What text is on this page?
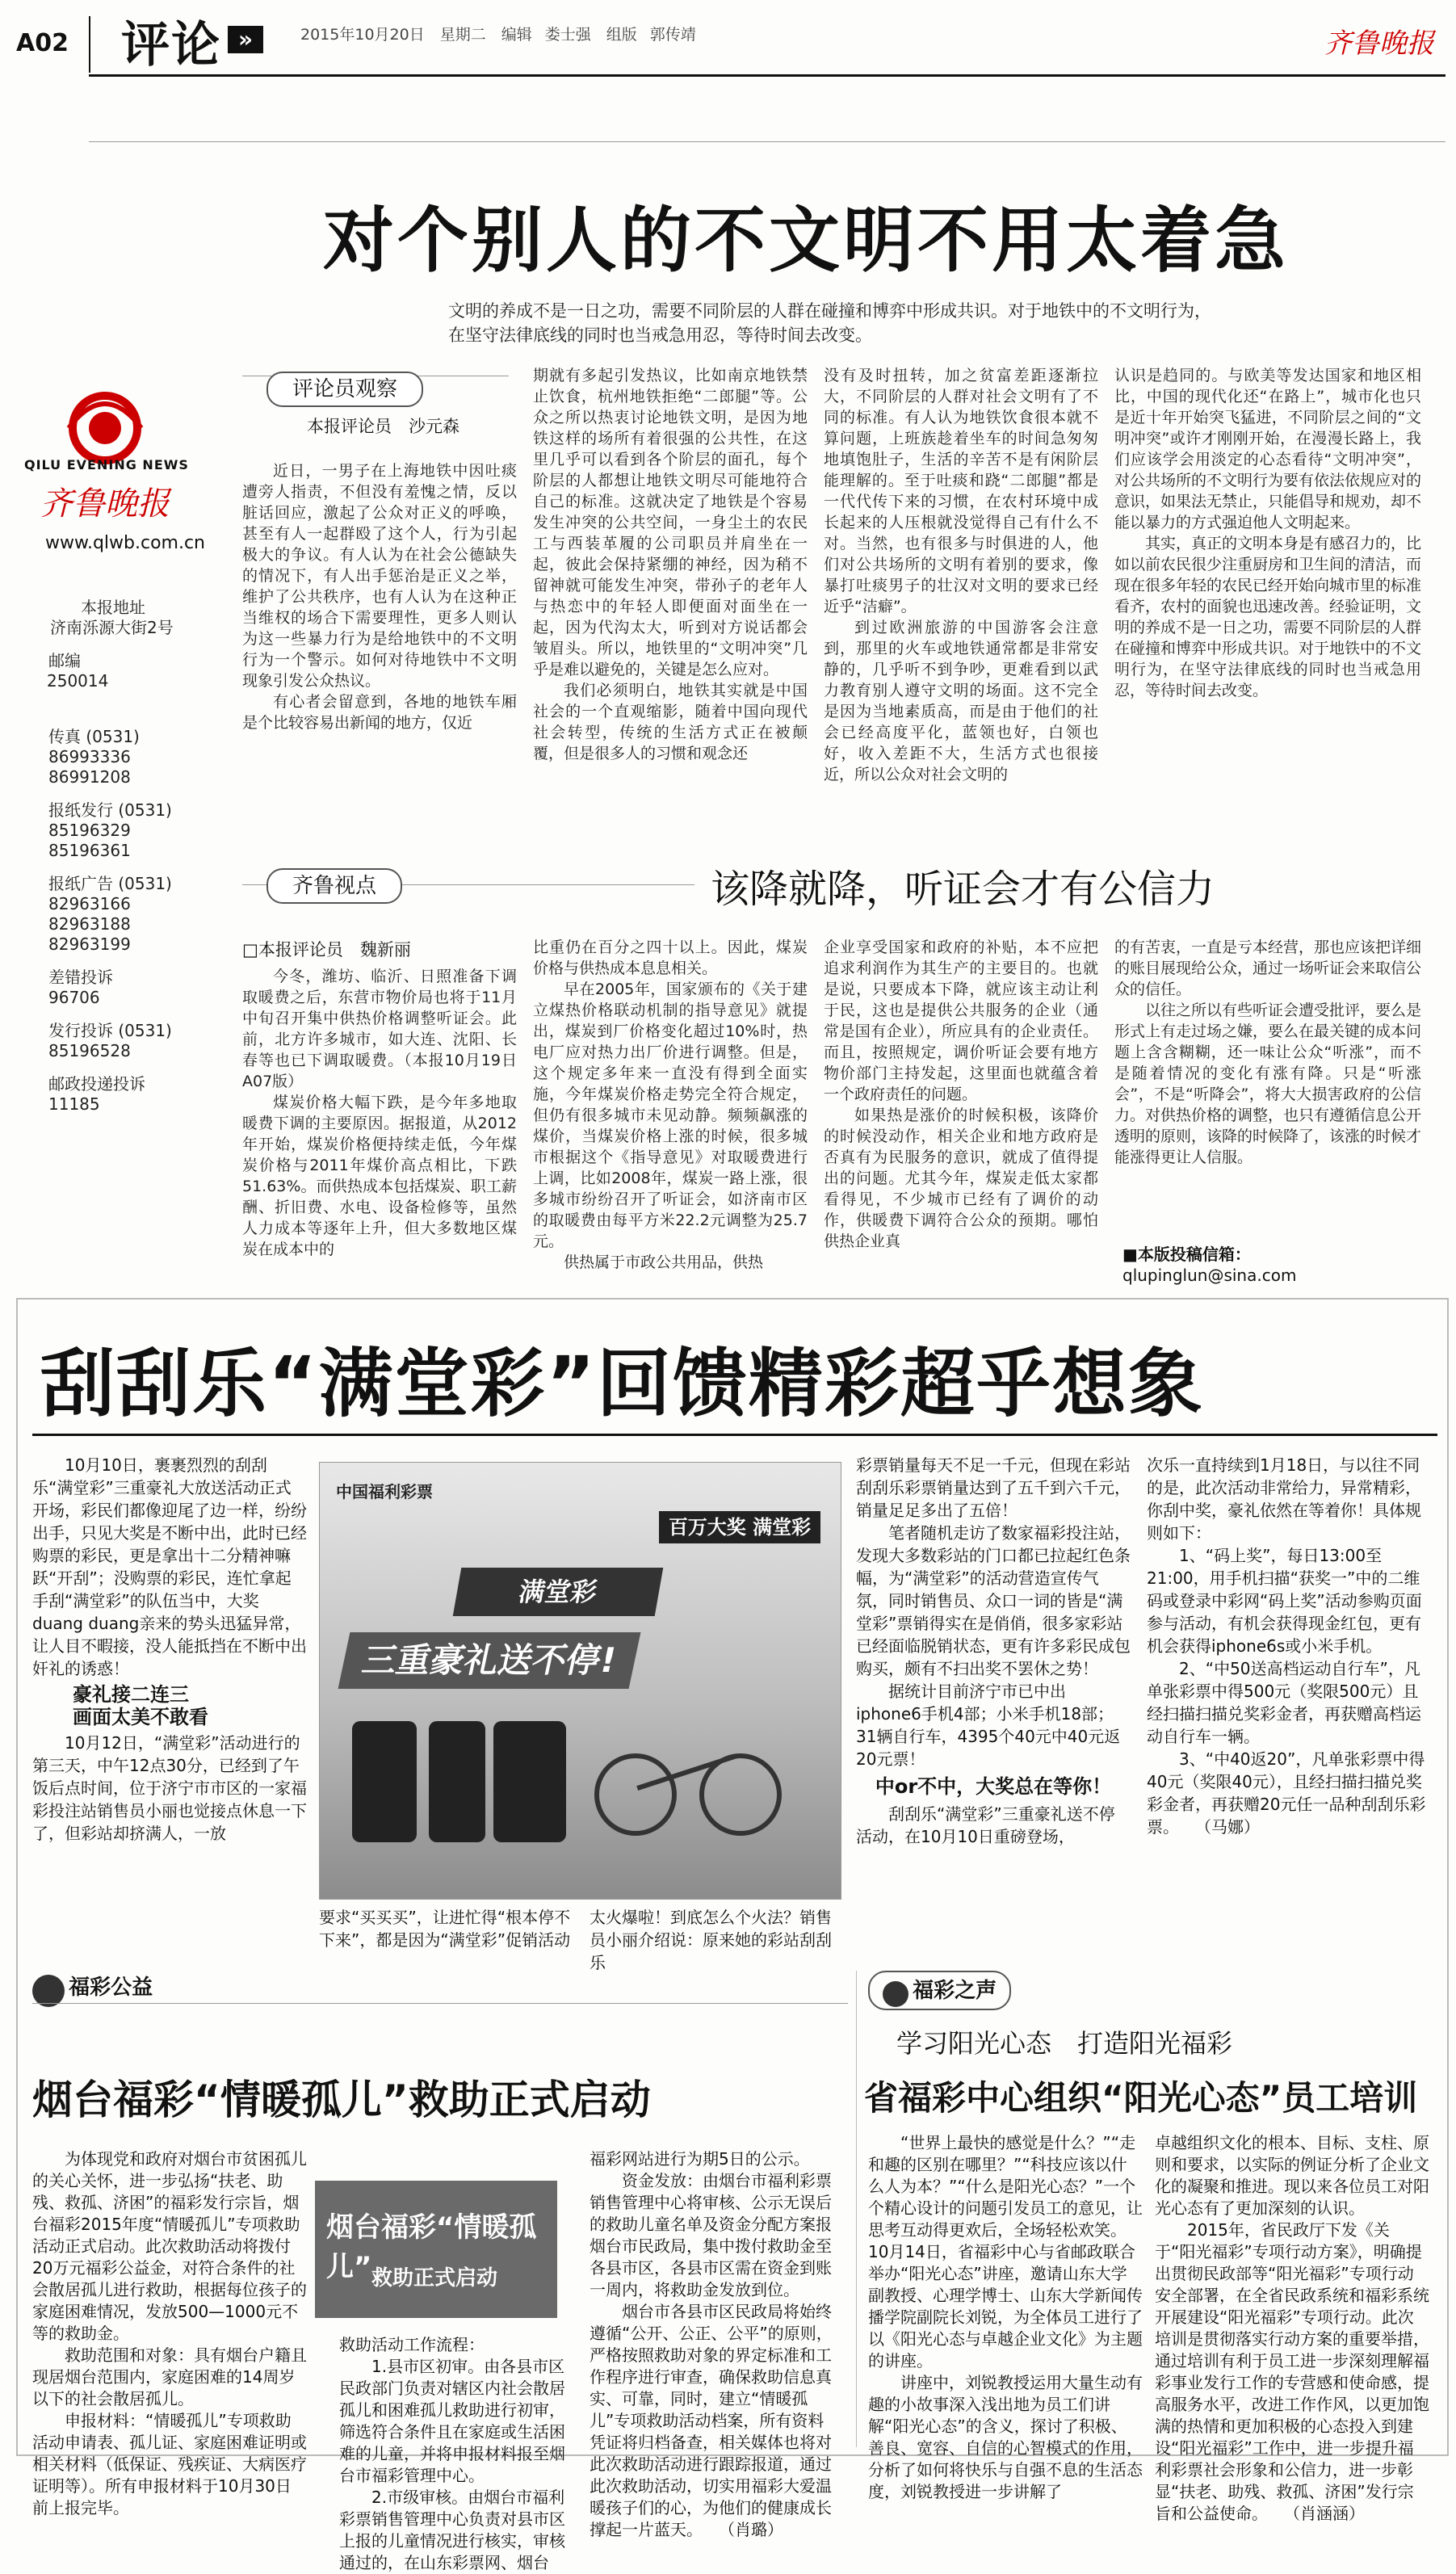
A02 评论 »	2015年10月20日　星期二　编辑 娄士强　组版 郭传靖	齐鲁晚报
对个别人的不文明不用太着急
文明的养成不是一日之功，需要不同阶层的人群在碰撞和博弈中形成共识。对于地铁中的不文明行为，在坚守法律底线的同时也当戒急用忍，等待时间去改变。
QILU EVENING NEWS
齐鲁晚报
www.qlwb.com.cn
本报地址
济南泺源大街2号
邮编
250014
传真 (0531)
86993336 86991208
报纸发行 (0531)
85196329 85196361
报纸广告 (0531)
82963166 82963188
82963199
差错投诉
96706
发行投诉 (0531)
85196528
邮政投递投诉
11185
评论员观察
本报评论员　沙元森
近日，一男子在上海地铁中因吐痰遭旁人指责，不但没有羞愧之情，反以脏话回应，激起了公众对正义的呼唤，甚至有人一起群殴了这个人，行为引起极大的争议。有人认为在社会公德缺失的情况下，有人出手惩治是正义之举，维护了公共秩序，也有人认为在这种正当维权的场合下需要理性，更多人则认为这一些暴力行为是给地铁中的不文明行为一个警示。如何对待地铁中不文明现象引发公众热议。
有心者会留意到，各地的地铁车厢是个比较容易出新闻的地方，仅近
期就有多起引发热议，比如南京地铁禁止饮食，杭州地铁拒绝“二郎腿”等。公众之所以热衷讨论地铁文明，是因为地铁这样的场所有着很强的公共性，在这里几乎可以看到各个阶层的面孔，每个阶层的人都想让地铁文明尽可能地符合自己的标准。这就决定了地铁是个容易发生冲突的公共空间，一身尘土的农民工与西装革履的公司职员并肩坐在一起，彼此会保持紧绷的神经，因为稍不留神就可能发生冲突，带孙子的老年人与热恋中的年轻人即便面对面坐在一起，因为代沟太大，听到对方说话都会皱眉头。所以，地铁里的“文明冲突”几乎是难以避免的，关键是怎么应对。
我们必须明白，地铁其实就是中国社会的一个直观缩影，随着中国向现代社会转型，传统的生活方式正在被颠覆，但是很多人的习惯和观念还
没有及时扭转，加之贫富差距逐渐拉大，不同阶层的人群对社会文明有了不同的标准。有人认为地铁饮食很本就不算问题，上班族趁着坐车的时间急匆匆地填饱肚子，生活的辛苦不是有闲阶层能理解的。至于吐痰和跷“二郎腿”都是一代代传下来的习惯，在农村环境中成长起来的人压根就没觉得自己有什么不对。当然，也有很多与时俱进的人，他们对公共场所的文明有着别的要求，像暴打吐痰男子的壮汉对文明的要求已经近乎“洁癖”。
到过欧洲旅游的中国游客会注意到，那里的火车或地铁通常都是非常安静的，几乎听不到争吵，更难看到以武力教育别人遵守文明的场面。这不完全是因为当地素质高，而是由于他们的社会已经高度平化，蓝领也好，白领也好，收入差距不大，生活方式也很接近，所以公众对社会文明的
认识是趋同的。与欧美等发达国家和地区相比，中国的现代化还“在路上”，城市化也只是近十年开始突飞猛进，不同阶层之间的“文明冲突”或许才刚刚开始，在漫漫长路上，我们应该学会用淡定的心态看待“文明冲突”，对公共场所的不文明行为要有依法依规应对的意识，如果法无禁止，只能倡导和规劝，却不能以暴力的方式强迫他人文明起来。
其实，真正的文明本身是有感召力的，比如以前农民很少注重厨房和卫生间的清洁，而现在很多年轻的农民已经开始向城市里的标准看齐，农村的面貌也迅速改善。经验证明，文明的养成不是一日之功，需要不同阶层的人群在碰撞和博弈中形成共识。对于地铁中的不文明行为，在坚守法律底线的同时也当戒急用忍，等待时间去改变。
齐鲁视点	该降就降，听证会才有公信力
□本报评论员　魏新丽
今冬，潍坊、临沂、日照准备下调取暖费之后，东营市物价局也将于11月中旬召开集中供热价格调整听证会。此前，北方许多城市，如大连、沈阳、长春等也已下调取暖费。（本报10月19日A07版）
煤炭价格大幅下跌，是今年多地取暖费下调的主要原因。据报道，从2012年开始，煤炭价格便持续走低，今年煤炭价格与2011年煤价高点相比，下跌51.63%。而供热成本包括煤炭、职工薪酬、折旧费、水电、设备检修等，虽然人力成本等逐年上升，但大多数地区煤炭在成本中的
比重仍在百分之四十以上。因此，煤炭价格与供热成本息息相关。
早在2005年，国家颁布的《关于建立煤热价格联动机制的指导意见》就提出，煤炭到厂价格变化超过10%时，热电厂应对热力出厂价进行调整。但是，这个规定多年来一直没有得到全面实施，今年煤炭价格走势完全符合规定，但仍有很多城市未见动静。频频飙涨的煤价，当煤炭价格上涨的时候，很多城市根据这个《指导意见》对取暖费进行上调，比如2008年，煤炭一路上涨，很多城市纷纷召开了听证会，如济南市区的取暖费由每平方米22.2元调整为25.7元。
供热属于市政公共用品，供热
企业享受国家和政府的补贴，本不应把追求利润作为其生产的主要目的。也就是说，只要成本下降，就应该主动让利于民，这也是提供公共服务的企业（通常是国有企业），所应具有的企业责任。而且，按照规定，调价听证会要有地方物价部门主持发起，这里面也就蕴含着一个政府责任的问题。
如果热是涨价的时候积极，该降价的时候没动作，相关企业和地方政府是否真有为民服务的意识，就成了值得提出的问题。尤其今年，煤炭走低太家都看得见，不少城市已经有了调价的动作，供暖费下调符合公众的预期。哪怕供热企业真
的有苦衷，一直是亏本经营，那也应该把详细的账目展现给公众，通过一场听证会来取信公众的信任。
以往之所以有些听证会遭受批评，要么是形式上有走过场之嫌，要么在最关键的成本问题上含含糊糊，还一味让公众“听涨”，而不是随着情况的变化有涨有降。只是“听涨会”，不是“听降会”，将大大损害政府的公信力。对供热价格的调整，也只有遵循信息公开透明的原则，该降的时候降了，该涨的时候才能涨得更让人信服。
■本版投稿信箱：
qlupinglun@sina.com
刮刮乐“满堂彩”回馈精彩超乎想象
10月10日，裹裹烈烈的刮刮乐“满堂彩”三重豪礼大放送活动正式开场，彩民们都像迎尾了边一样，纷纷出手，只见大奖是不断中出，此时已经购票的彩民，更是拿出十二分精神嘛跃“开刮”；没购票的彩民，连忙拿起手刮“满堂彩”的队伍当中，大奖duang duang亲来的势头迅猛异常，让人目不暇接，没人能抵挡在不断中出奸礼的诱惑！
豪礼接二连三
画面太美不敢看
10月12日，“满堂彩”活动进行的第三天，中午12点30分，已经到了午饭后点时间，位于济宁市市区的一家福彩投注站销售员小丽也觉接点休息一下了，但彩站却挤满人，一放
中国福利彩票
百万大奖 满堂彩
满堂彩
三重豪礼送不停!
要求“买买买”，让进忙得“根本停不下来”，都是因为“满堂彩”促销活动
太火爆啦！到底怎么个火法？销售员小丽介绍说：原来她的彩站刮刮乐
彩票销量每天不足一千元，但现在彩站刮刮乐彩票销量达到了五千到六千元，销量足足多出了五倍！
笔者随机走访了数家福彩投注站，发现大多数彩站的门口都已拉起红色条幅，为“满堂彩”的活动营造宣传气氛，同时销售员、众口一词的皆是“满堂彩”票销得实在是俏俏，很多家彩站已经面临脱销状态，更有许多彩民成包购买，颇有不扫出奖不罢休之势！
据统计目前济宁市已中出iphone6手机4部；小米手机18部；31辆自行车，4395个40元中40元返20元票！
中or不中，大奖总在等你！
刮刮乐“满堂彩”三重豪礼送不停活动，在10月10日重磅登场，
次乐一直持续到1月18日，与以往不同的是，此次活动非常给力，异常精彩，你刮中奖，豪礼依然在等着你！具体规则如下：
1、“码上奖”，每日13:00至21:00，用手机扫描“获奖一”中的二维码或登录中彩网“码上奖”活动参购页面参与活动，有机会获得现金红包，更有机会获得iphone6s或小米手机。
2、“中50送高档运动自行车”，凡单张彩票中得500元（奖限500元）且经扫描扫描兑奖彩金者，再获赠高档运动自行车一辆。
3、“中40返20”，凡单张彩票中得40元（奖限40元），且经扫描扫描兑奖彩金者，再获赠20元任一品种刮刮乐彩票。　　（马娜）
福彩公益
烟台福彩“情暖孤儿”救助正式启动
为体现党和政府对烟台市贫困孤儿的关心关怀，进一步弘扬“扶老、助残、救孤、济困”的福彩发行宗旨，烟台福彩2015年度“情暖孤儿”专项救助活动正式启动。此次救助活动将拨付20万元福彩公益金，对符合条件的社会散居孤儿进行救助，根据每位孩子的家庭困难情况，发放500—1000元不等的救助金。
救助范围和对象：具有烟台户籍且现居烟台范围内，家庭困难的14周岁以下的社会散居孤儿。
申报材料：“情暖孤儿”专项救助活动申请表、孤儿证、家庭困难证明或相关材料（低保证、残疾证、大病医疗证明等）。所有申报材料于10月30日前上报完毕。
烟台福彩“情暖孤儿” 救助正式启动
救助活动工作流程：
1.县市区初审。由各县市区民政部门负责对辖区内社会散居孤儿和困难孤儿救助进行初审，筛选符合条件且在家庭或生活困难的儿童，并将申报材料报至烟台市福彩管理中心。
2.市级审核。由烟台市福利彩票销售管理中心负责对县市区上报的儿童情况进行核实，审核通过的，在山东彩票网、烟台
福彩网站进行为期5日的公示。
资金发放：由烟台市福利彩票销售管理中心将审核、公示无误后的救助儿童名单及资金分配方案报烟台市民政局，集中拨付救助金至各县市区，各县市区需在资金到账一周内，将救助金发放到位。
烟台市各县市区民政局将始终遵循“公开、公正、公平”的原则，严格按照救助对象的界定标准和工作程序进行审查，确保救助信息真实、可靠，同时，建立“情暖孤儿”专项救助活动档案，所有资料凭证将归档备查，相关媒体也将对此次救助活动进行跟踪报道，通过此次救助活动，切实用福彩大爱温暖孩子们的心，为他们的健康成长撑起一片蓝天。　　（肖璐）
福彩之声
学习阳光心态　打造阳光福彩
省福彩中心组织“阳光心态”员工培训
“世界上最快的感觉是什么？”“走和趣的区别在哪里？”“科技应该以什么人为本？”“什么是阳光心态？”一个个精心设计的问题引发员工的意见，让思考互动得更欢后，全场轻松欢笑。10月14日，省福彩中心与省邮政联合举办“阳光心态”讲座，邀请山东大学副教授、心理学博士、山东大学新闻传播学院副院长刘锐，为全体员工进行了以《阳光心态与卓越企业文化》为主题的讲座。
讲座中，刘锐教授运用大量生动有趣的小故事深入浅出地为员工们讲解“阳光心态”的含义，探讨了积极、善良、宽容、自信的心智模式的作用，分析了如何将快乐与自强不息的生活态度，刘锐教授进一步讲解了
卓越组织文化的根本、目标、支柱、原则和要求，以实际的例证分析了企业文化的凝聚和推进。现以来各位员工对阳光心态有了更加深刻的认识。
2015年，省民政厅下发《关于“阳光福彩”专项行动方案》，明确提出贯彻民政部等“阳光福彩”专项行动安全部署，在全省民政系统和福彩系统开展建设“阳光福彩”专项行动。此次培训是贯彻落实行动方案的重要举措，通过培训有利于员工进一步深刻理解福彩事业发行工作的专营感和使命感，提高服务水平，改进工作作风，以更加饱满的热情和更加积极的心态投入到建设“阳光福彩”工作中，进一步提升福利彩票社会形象和公信力，进一步彰显“扶老、助残、救孤、济困”发行宗旨和公益使命。　　（肖涵涵）
